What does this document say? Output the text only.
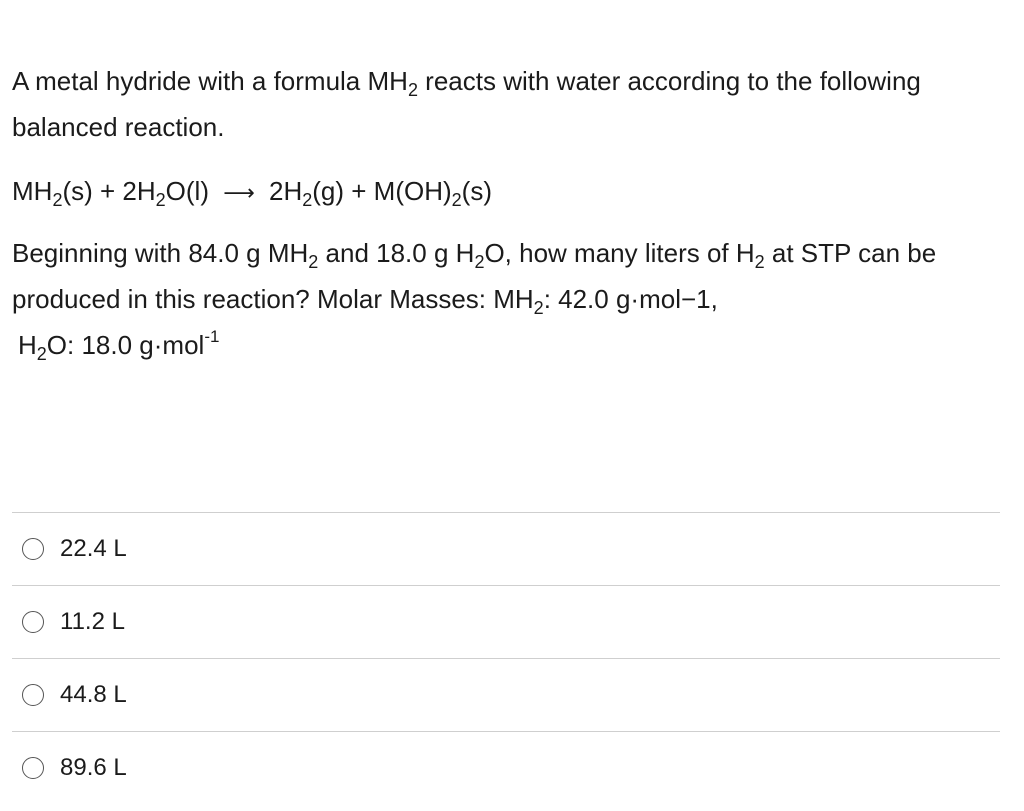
A metal hydride with a formula $MH_2$ reacts with water according to the following balanced reaction.

$MH_2(s) + 2H_2O(l)$ ⟶ $2H_2(g) + M(OH)_2(s)$

Beginning with 84.0 g $MH_2$ and 18.0 g $H_2O$, how many liters of $H_2$ at STP can be produced in this reaction? Molar Masses: $MH_2$: 42.0 g·mol−1,

$H_2O$: 18.0 g·mol$^{-1}$

22.4 L
11.2 L
44.8 L
89.6 L
